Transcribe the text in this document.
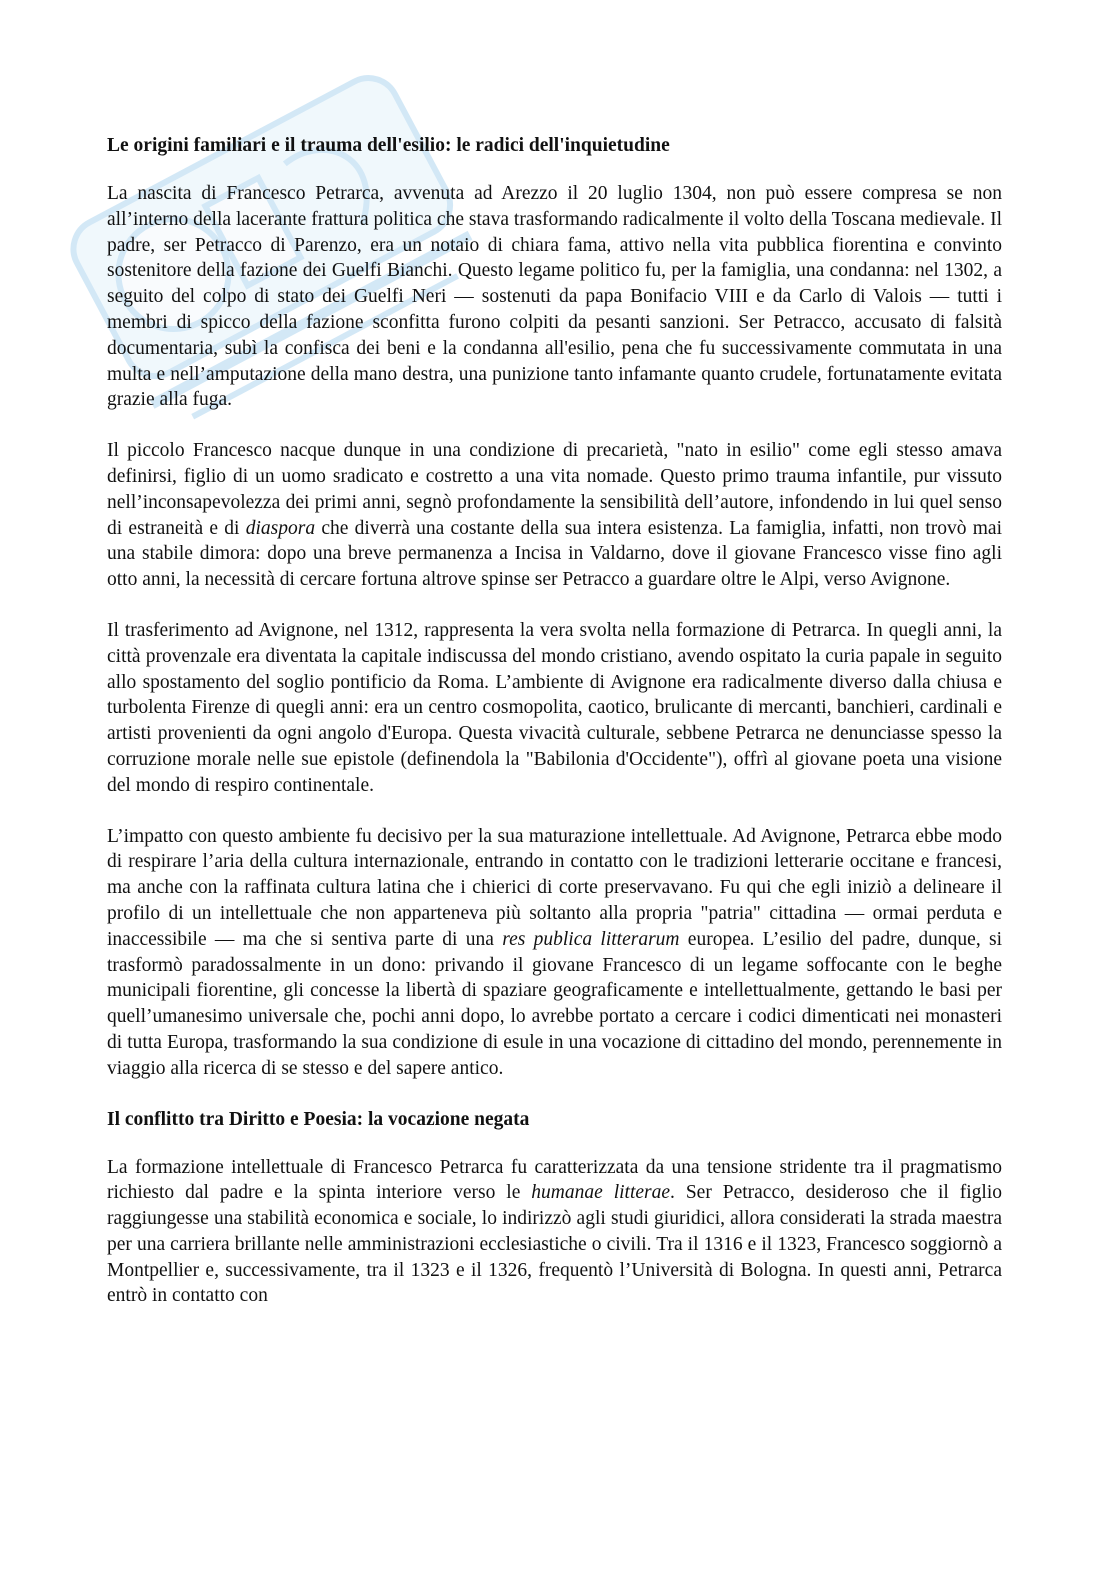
Le origini familiari e il trauma dell'esilio: le radici dell'inquietudine

La nascita di Francesco Petrarca, avvenuta ad Arezzo il 20 luglio 1304, non può essere compresa se non all’interno della lacerante frattura politica che stava trasformando radicalmente il volto della Toscana medievale. Il padre, ser Petracco di Parenzo, era un notaio di chiara fama, attivo nella vita pubblica fiorentina e convinto sostenitore della fazione dei Guelfi Bianchi. Questo legame politico fu, per la famiglia, una condanna: nel 1302, a seguito del colpo di stato dei Guelfi Neri — sostenuti da papa Bonifacio VIII e da Carlo di Valois — tutti i membri di spicco della fazione sconfitta furono colpiti da pesanti sanzioni. Ser Petracco, accusato di falsità documentaria, subì la confisca dei beni e la condanna all'esilio, pena che fu successivamente commutata in una multa e nell’amputazione della mano destra, una punizione tanto infamante quanto crudele, fortunatamente evitata grazie alla fuga.

Il piccolo Francesco nacque dunque in una condizione di precarietà, "nato in esilio" come egli stesso amava definirsi, figlio di un uomo sradicato e costretto a una vita nomade. Questo primo trauma infantile, pur vissuto nell’inconsapevolezza dei primi anni, segnò profondamente la sensibilità dell’autore, infondendo in lui quel senso di estraneità e di diaspora che diverrà una costante della sua intera esistenza. La famiglia, infatti, non trovò mai una stabile dimora: dopo una breve permanenza a Incisa in Valdarno, dove il giovane Francesco visse fino agli otto anni, la necessità di cercare fortuna altrove spinse ser Petracco a guardare oltre le Alpi, verso Avignone.

Il trasferimento ad Avignone, nel 1312, rappresenta la vera svolta nella formazione di Petrarca. In quegli anni, la città provenzale era diventata la capitale indiscussa del mondo cristiano, avendo ospitato la curia papale in seguito allo spostamento del soglio pontificio da Roma. L’ambiente di Avignone era radicalmente diverso dalla chiusa e turbolenta Firenze di quegli anni: era un centro cosmopolita, caotico, brulicante di mercanti, banchieri, cardinali e artisti provenienti da ogni angolo d'Europa. Questa vivacità culturale, sebbene Petrarca ne denunciasse spesso la corruzione morale nelle sue epistole (definendola la "Babilonia d'Occidente"), offrì al giovane poeta una visione del mondo di respiro continentale.

L’impatto con questo ambiente fu decisivo per la sua maturazione intellettuale. Ad Avignone, Petrarca ebbe modo di respirare l’aria della cultura internazionale, entrando in contatto con le tradizioni letterarie occitane e francesi, ma anche con la raffinata cultura latina che i chierici di corte preservavano. Fu qui che egli iniziò a delineare il profilo di un intellettuale che non apparteneva più soltanto alla propria "patria" cittadina — ormai perduta e inaccessibile — ma che si sentiva parte di una res publica litterarum europea. L’esilio del padre, dunque, si trasformò paradossalmente in un dono: privando il giovane Francesco di un legame soffocante con le beghe municipali fiorentine, gli concesse la libertà di spaziare geograficamente e intellettualmente, gettando le basi per quell’umanesimo universale che, pochi anni dopo, lo avrebbe portato a cercare i codici dimenticati nei monasteri di tutta Europa, trasformando la sua condizione di esule in una vocazione di cittadino del mondo, perennemente in viaggio alla ricerca di se stesso e del sapere antico.

Il conflitto tra Diritto e Poesia: la vocazione negata

La formazione intellettuale di Francesco Petrarca fu caratterizzata da una tensione stridente tra il pragmatismo richiesto dal padre e la spinta interiore verso le humanae litterae. Ser Petracco, desideroso che il figlio raggiungesse una stabilità economica e sociale, lo indirizzò agli studi giuridici, allora considerati la strada maestra per una carriera brillante nelle amministrazioni ecclesiastiche o civili. Tra il 1316 e il 1323, Francesco soggiornò a Montpellier e, successivamente, tra il 1323 e il 1326, frequentò l’Università di Bologna. In questi anni, Petrarca entrò in contatto con
